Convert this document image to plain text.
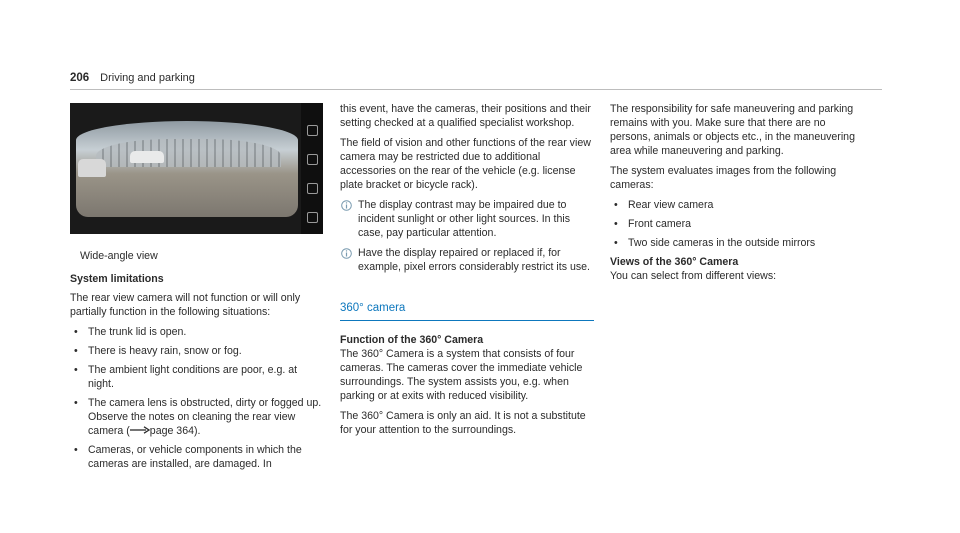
206 Driving and parking

Wide-angle view

System limitations

The rear view camera will not function or will only partially function in the following situations:

• The trunk lid is open.
• There is heavy rain, snow or fog.
• The ambient light conditions are poor, e.g. at night.
• The camera lens is obstructed, dirty or fogged up. Observe the notes on cleaning the rear view camera ( page 364).
• Cameras, or vehicle components in which the cameras are installed, are damaged. In

this event, have the cameras, their positions and their setting checked at a qualified specialist workshop.

The field of vision and other functions of the rear view camera may be restricted due to additional accessories on the rear of the vehicle (e.g. license plate bracket or bicycle rack).

The display contrast may be impaired due to incident sunlight or other light sources. In this case, pay particular attention.
Have the display repaired or replaced if, for example, pixel errors considerably restrict its use.
360° camera
Function of the 360° Camera

The 360° Camera is a system that consists of four cameras. The cameras cover the immediate vehicle surroundings. The system assists you, e.g. when parking or at exits with reduced visibility.

The 360° Camera is only an aid. It is not a substitute for your attention to the surroundings.

The responsibility for safe maneuvering and parking remains with you. Make sure that there are no persons, animals or objects etc., in the maneuvering area while maneuvering and parking.

The system evaluates images from the following cameras:

• Rear view camera
• Front camera
• Two side cameras in the outside mirrors
Views of the 360° Camera

You can select from different views:
